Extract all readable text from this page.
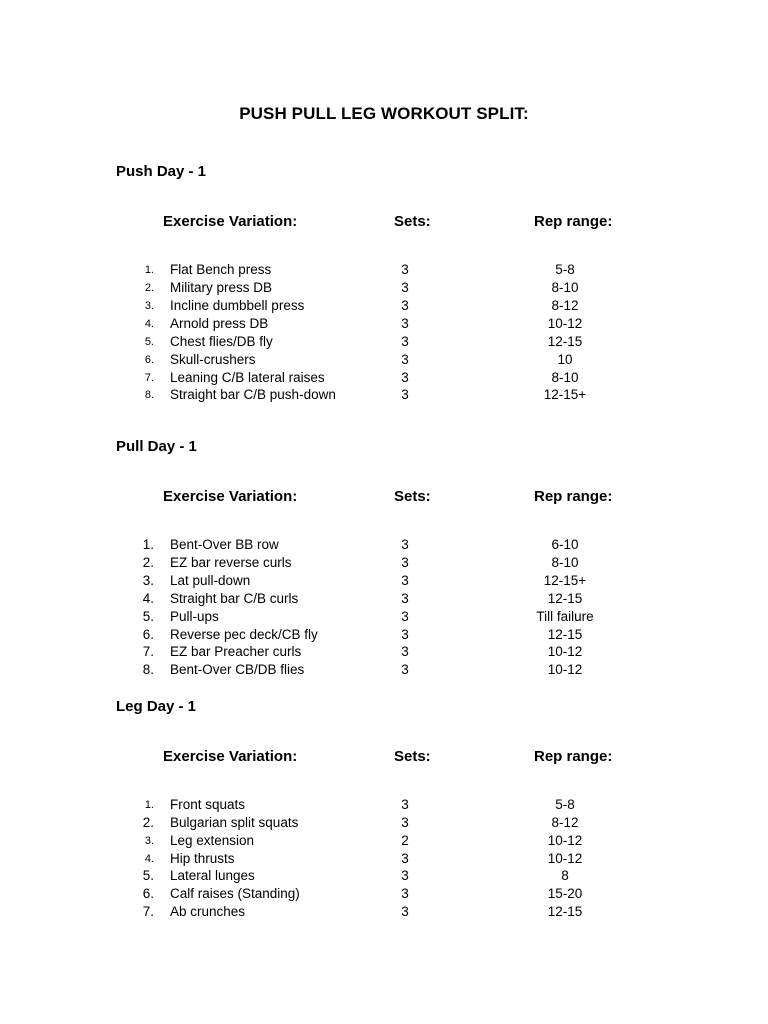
PUSH PULL LEG WORKOUT SPLIT:
Push Day - 1
Exercise Variation:	Sets:	Rep range:
1. Flat Bench press	3	5-8
2. Military press DB	3	8-10
3. Incline dumbbell press	3	8-12
4. Arnold press DB	3	10-12
5. Chest flies/DB fly	3	12-15
6. Skull-crushers	3	10
7. Leaning C/B lateral raises	3	8-10
8. Straight bar C/B push-down	3	12-15+
Pull Day - 1
Exercise Variation:	Sets:	Rep range:
1. Bent-Over BB row	3	6-10
2. EZ bar reverse curls	3	8-10
3. Lat pull-down	3	12-15+
4. Straight bar C/B curls	3	12-15
5. Pull-ups	3	Till failure
6. Reverse pec deck/CB fly	3	12-15
7. EZ bar Preacher curls	3	10-12
8. Bent-Over CB/DB flies	3	10-12
Leg Day - 1
Exercise Variation:	Sets:	Rep range:
1. Front squats	3	5-8
2. Bulgarian split squats	3	8-12
3. Leg extension	2	10-12
4. Hip thrusts	3	10-12
5. Lateral lunges	3	8
6. Calf raises (Standing)	3	15-20
7. Ab crunches	3	12-15
